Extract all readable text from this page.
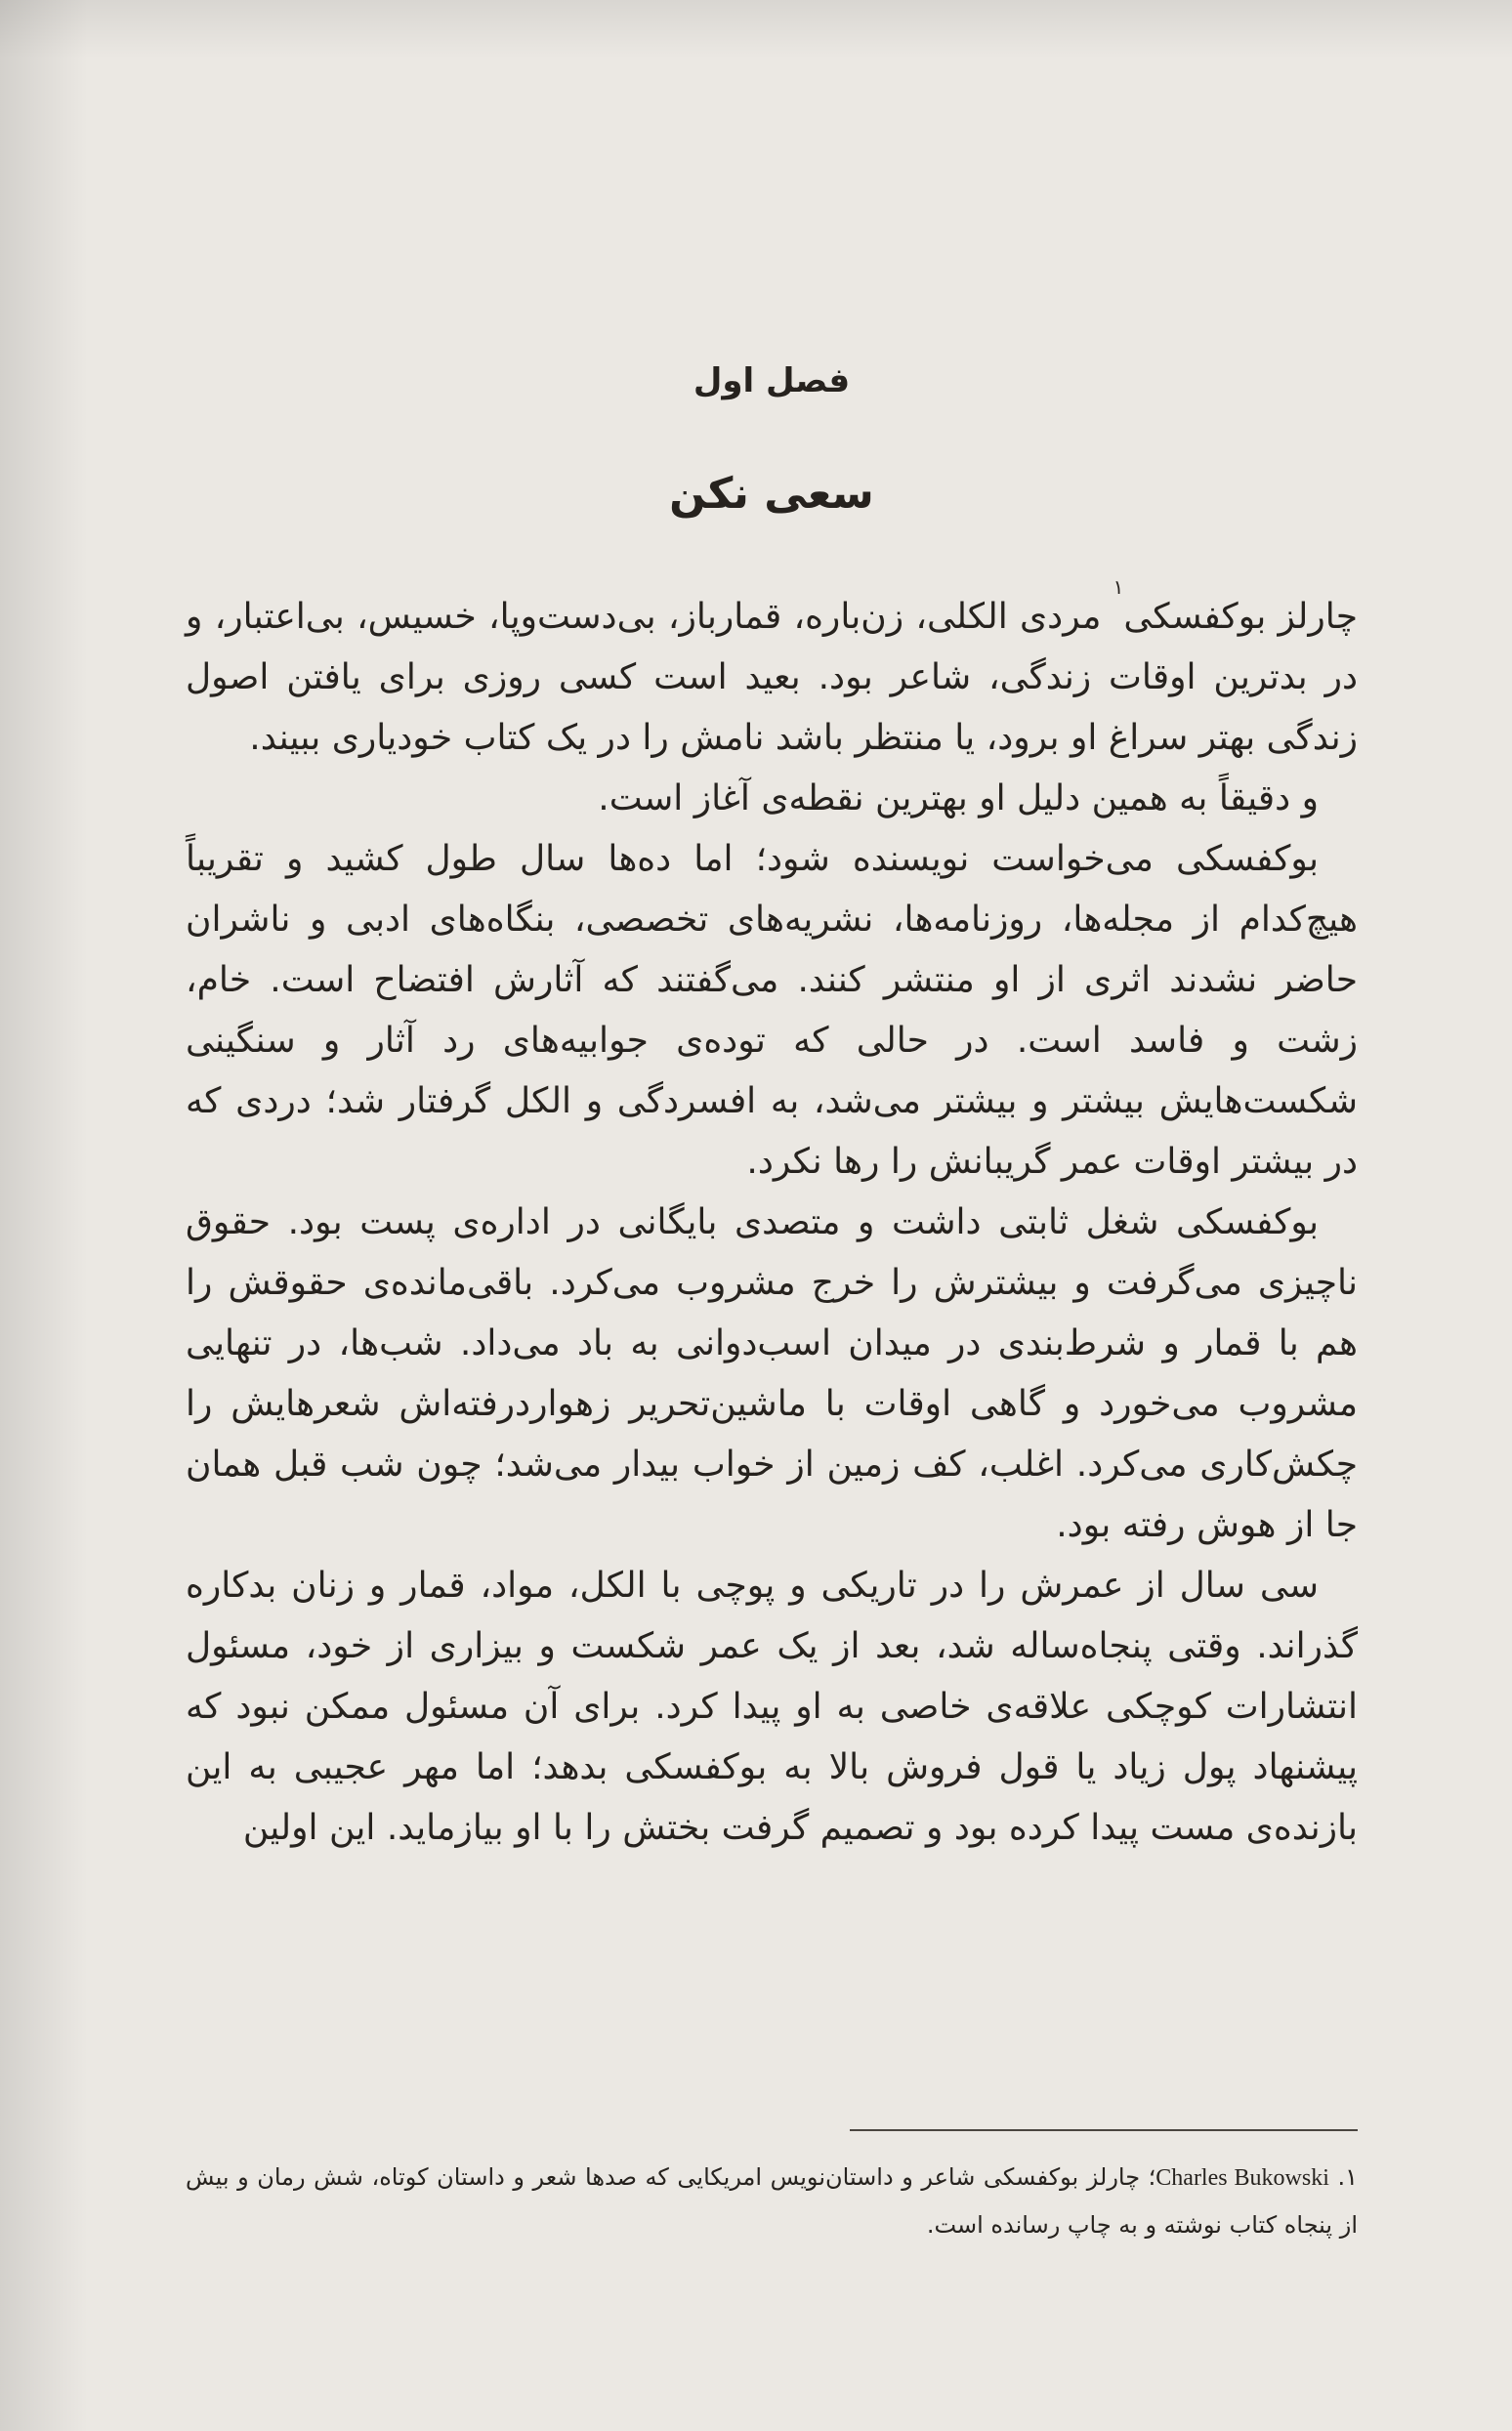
فصل اول
سعی نکن

چارلز بوکفسکی$^۱$ مردی الکلی، زن‌باره، قمارباز، بی‌دست‌وپا، خسیس، بی‌اعتبار، و در بدترین اوقات زندگی، شاعر بود. بعید است کسی روزی برای یافتن اصول زندگی بهتر سراغ او برود، یا منتظر باشد نامش را در یک کتاب خودیاری ببیند.

و دقیقاً به همین دلیل او بهترین نقطه‌ی آغاز است.

بوکفسکی می‌خواست نویسنده شود؛ اما ده‌ها سال طول کشید و تقریباً هیچ‌کدام از مجله‌ها، روزنامه‌ها، نشریه‌های تخصصی، بنگاه‌های ادبی و ناشران حاضر نشدند اثری از او منتشر کنند. می‌گفتند که آثارش افتضاح است. خام، زشت و فاسد است. در حالی که توده‌ی جوابیه‌های رد آثار و سنگینی شکست‌هایش بیشتر و بیشتر می‌شد، به افسردگی و الکل گرفتار شد؛ دردی که در بیشتر اوقات عمر گریبانش را رها نکرد.

بوکفسکی شغل ثابتی داشت و متصدی بایگانی در اداره‌ی پست بود. حقوق ناچیزی می‌گرفت و بیشترش را خرج مشروب می‌کرد. باقی‌مانده‌ی حقوقش را هم با قمار و شرط‌بندی در میدان اسب‌دوانی به باد می‌داد. شب‌ها، در تنهایی مشروب می‌خورد و گاهی اوقات با ماشین‌تحریر زهواردرفته‌اش شعرهایش را چکش‌کاری می‌کرد. اغلب، کف زمین از خواب بیدار می‌شد؛ چون شب قبل همان جا از هوش رفته بود.

سی سال از عمرش را در تاریکی و پوچی با الکل، مواد، قمار و زنان بدکاره گذراند. وقتی پنجاه‌ساله شد، بعد از یک عمر شکست و بیزاری از خود، مسئول انتشارات کوچکی علاقه‌ی خاصی به او پیدا کرد. برای آن مسئول ممکن نبود که پیشنهاد پول زیاد یا قول فروش بالا به بوکفسکی بدهد؛ اما مهر عجیبی به این بازنده‌ی مست پیدا کرده بود و تصمیم گرفت بختش را با او بیازماید. این اولین

۱. Charles Bukowski؛ چارلز بوکفسکی شاعر و داستان‌نویس امریکایی که صدها شعر و داستان کوتاه، شش رمان و بیش از پنجاه کتاب نوشته و به چاپ رسانده است.
